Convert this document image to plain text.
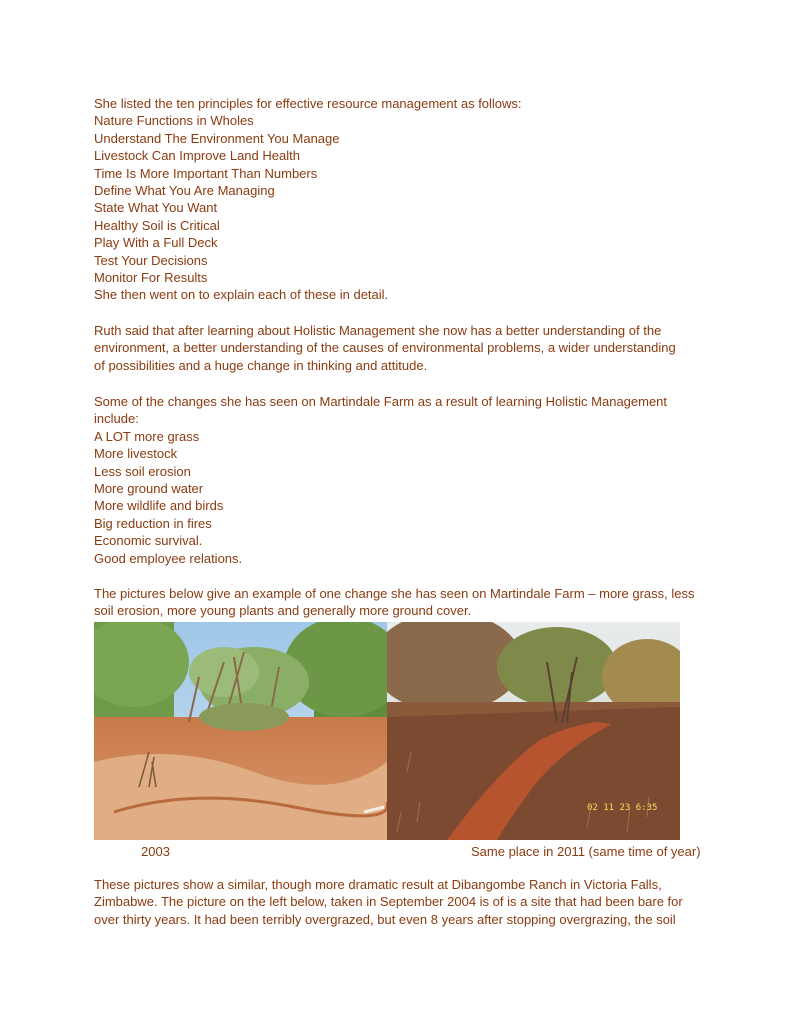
She listed the ten principles for effective resource management as follows:
Nature Functions in Wholes
Understand The Environment You Manage
Livestock Can Improve Land Health
Time Is More Important Than Numbers
Define What You Are Managing
State What You Want
Healthy Soil is Critical
Play With a Full Deck
Test Your Decisions
Monitor For Results
She then went on to explain each of these in detail.
Ruth said that after learning about Holistic Management she now has a better understanding of the
environment, a better understanding of the causes of environmental problems, a wider understanding
of possibilities and a huge change in thinking and attitude.
Some of the changes she has seen on Martindale Farm as a result of learning Holistic Management
include:
A LOT more grass
More livestock
Less soil erosion
More ground water
More wildlife and birds
Big reduction in fires
Economic survival.
Good employee relations.
The pictures below give an example of one change she has seen on Martindale Farm – more grass, less
soil erosion, more young plants and generally more ground cover.
02 11 23 6:35
2003	Same place in 2011 (same time of year)
These pictures show a similar, though more dramatic result at Dibangombe Ranch in Victoria Falls,
Zimbabwe. The picture on the left below, taken in September 2004 is of is a site that had been bare for
over thirty years. It had been terribly overgrazed, but even 8 years after stopping overgrazing, the soil
